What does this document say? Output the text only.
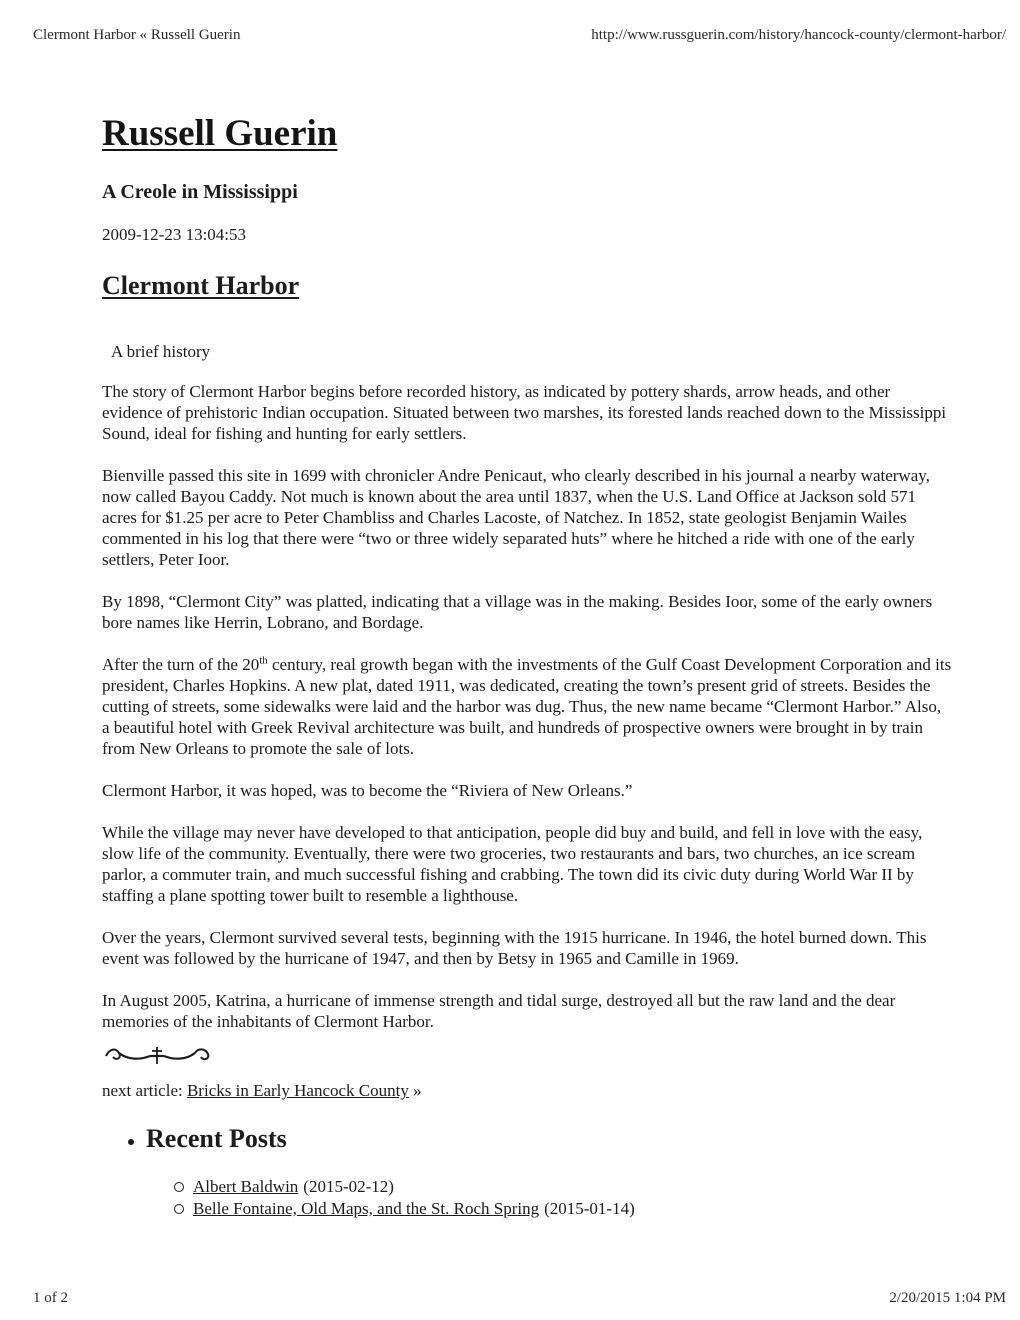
Clermont Harbor « Russell Guerin	http://www.russguerin.com/history/hancock-county/clermont-harbor/
Russell Guerin
A Creole in Mississippi
2009-12-23 13:04:53
Clermont Harbor
A brief history

The story of Clermont Harbor begins before recorded history, as indicated by pottery shards, arrow heads, and other evidence of prehistoric Indian occupation. Situated between two marshes, its forested lands reached down to the Mississippi Sound, ideal for fishing and hunting for early settlers.

Bienville passed this site in 1699 with chronicler Andre Penicaut, who clearly described in his journal a nearby waterway, now called Bayou Caddy. Not much is known about the area until 1837, when the U.S. Land Office at Jackson sold 571 acres for $1.25 per acre to Peter Chambliss and Charles Lacoste, of Natchez. In 1852, state geologist Benjamin Wailes commented in his log that there were “two or three widely separated huts” where he hitched a ride with one of the early settlers, Peter Ioor.

By 1898, “Clermont City” was platted, indicating that a village was in the making. Besides Ioor, some of the early owners bore names like Herrin, Lobrano, and Bordage.

After the turn of the 20th century, real growth began with the investments of the Gulf Coast Development Corporation and its president, Charles Hopkins. A new plat, dated 1911, was dedicated, creating the town’s present grid of streets. Besides the cutting of streets, some sidewalks were laid and the harbor was dug. Thus, the new name became “Clermont Harbor.” Also, a beautiful hotel with Greek Revival architecture was built, and hundreds of prospective owners were brought in by train from New Orleans to promote the sale of lots.

Clermont Harbor, it was hoped, was to become the “Riviera of New Orleans.”

While the village may never have developed to that anticipation, people did buy and build, and fell in love with the easy, slow life of the community. Eventually, there were two groceries, two restaurants and bars, two churches, an ice scream parlor, a commuter train, and much successful fishing and crabbing. The town did its civic duty during World War II by staffing a plane spotting tower built to resemble a lighthouse.

Over the years, Clermont survived several tests, beginning with the 1915 hurricane. In 1946, the hotel burned down. This event was followed by the hurricane of 1947, and then by Betsy in 1965 and Camille in 1969.

In August 2005, Katrina, a hurricane of immense strength and tidal surge, destroyed all but the raw land and the dear memories of the inhabitants of Clermont Harbor.

next article: Bricks in Early Hancock County »
Recent Posts
Albert Baldwin (2015-02-12)
Belle Fontaine, Old Maps, and the St. Roch Spring (2015-01-14)
1 of 2	2/20/2015 1:04 PM
